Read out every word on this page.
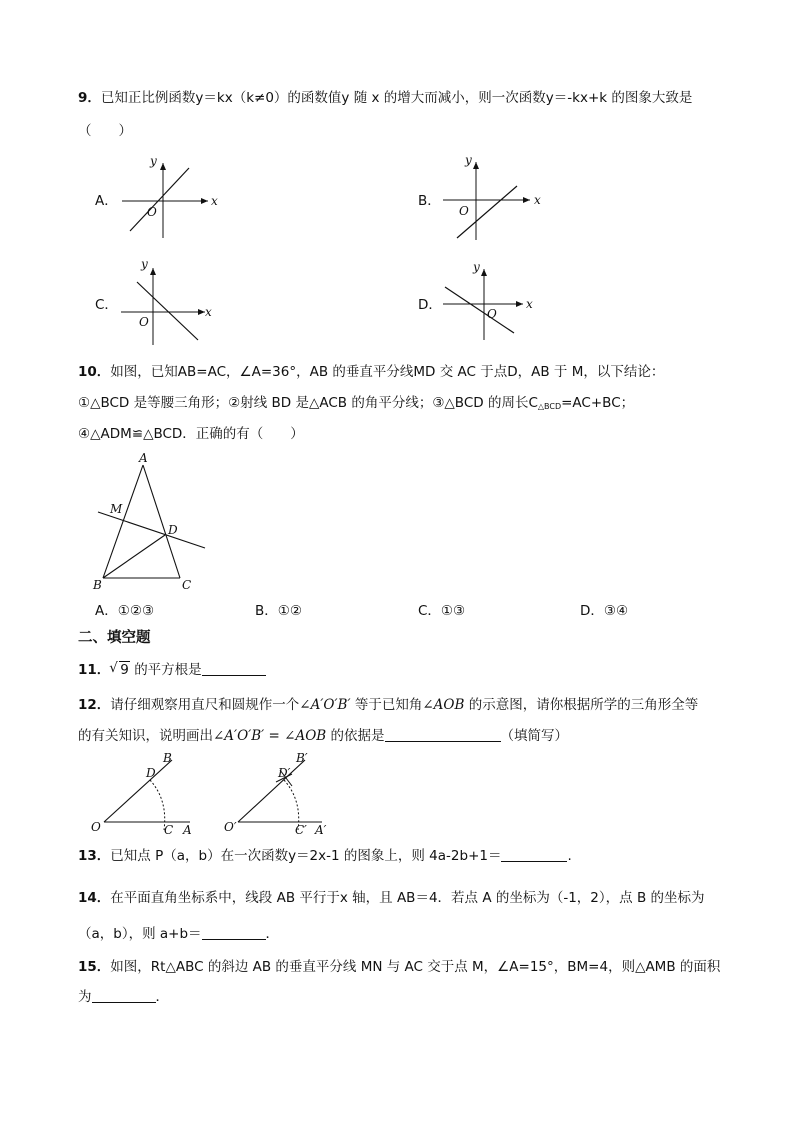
9．已知正比例函数y＝kx（k≠0）的函数值y 随 x 的增大而减小，则一次函数y＝-kx+k 的图象大致是
（　　）
A．	x
y
O
B．	x
y
O
C．	x
y
O
D．	x
y
O
10．如图，已知AB=AC，∠A=36°，AB 的垂直平分线MD 交 AC 于点D，AB 于 M，以下结论：
①△BCD 是等腰三角形；②射线 BD 是△ACB 的角平分线；③△BCD 的周长$C_{\triangle BCD}=AC+BC$；
④△ADM≌△BCD．正确的有（　　）
A
M
D
B	C
A．①②③	B．①②	C．①③	D．③④
二、填空题
11．√ 9 的平方根是
12．请仔细观察用直尺和圆规作一个∠A′O′B′ 等于已知角∠AOB 的示意图，请你根据所学的三角形全等
的有关知识，说明画出∠A′O′B′ = ∠AOB 的依据是	（填简写）
O	C A
B
D
O′	C′ A′
B′
D′
13．已知点 P（a，b）在一次函数y＝2x-1 的图象上，则 4a-2b+1＝	.
14．在平面直角坐标系中，线段 AB 平行于x 轴，且 AB＝4．若点 A 的坐标为（-1，2），点 B 的坐标为
（a，b），则 a+b＝	．
15．如图，Rt△ABC 的斜边 AB 的垂直平分线 MN 与 AC 交于点 M，∠A=15°，BM=4，则△AMB 的面积
为	．
